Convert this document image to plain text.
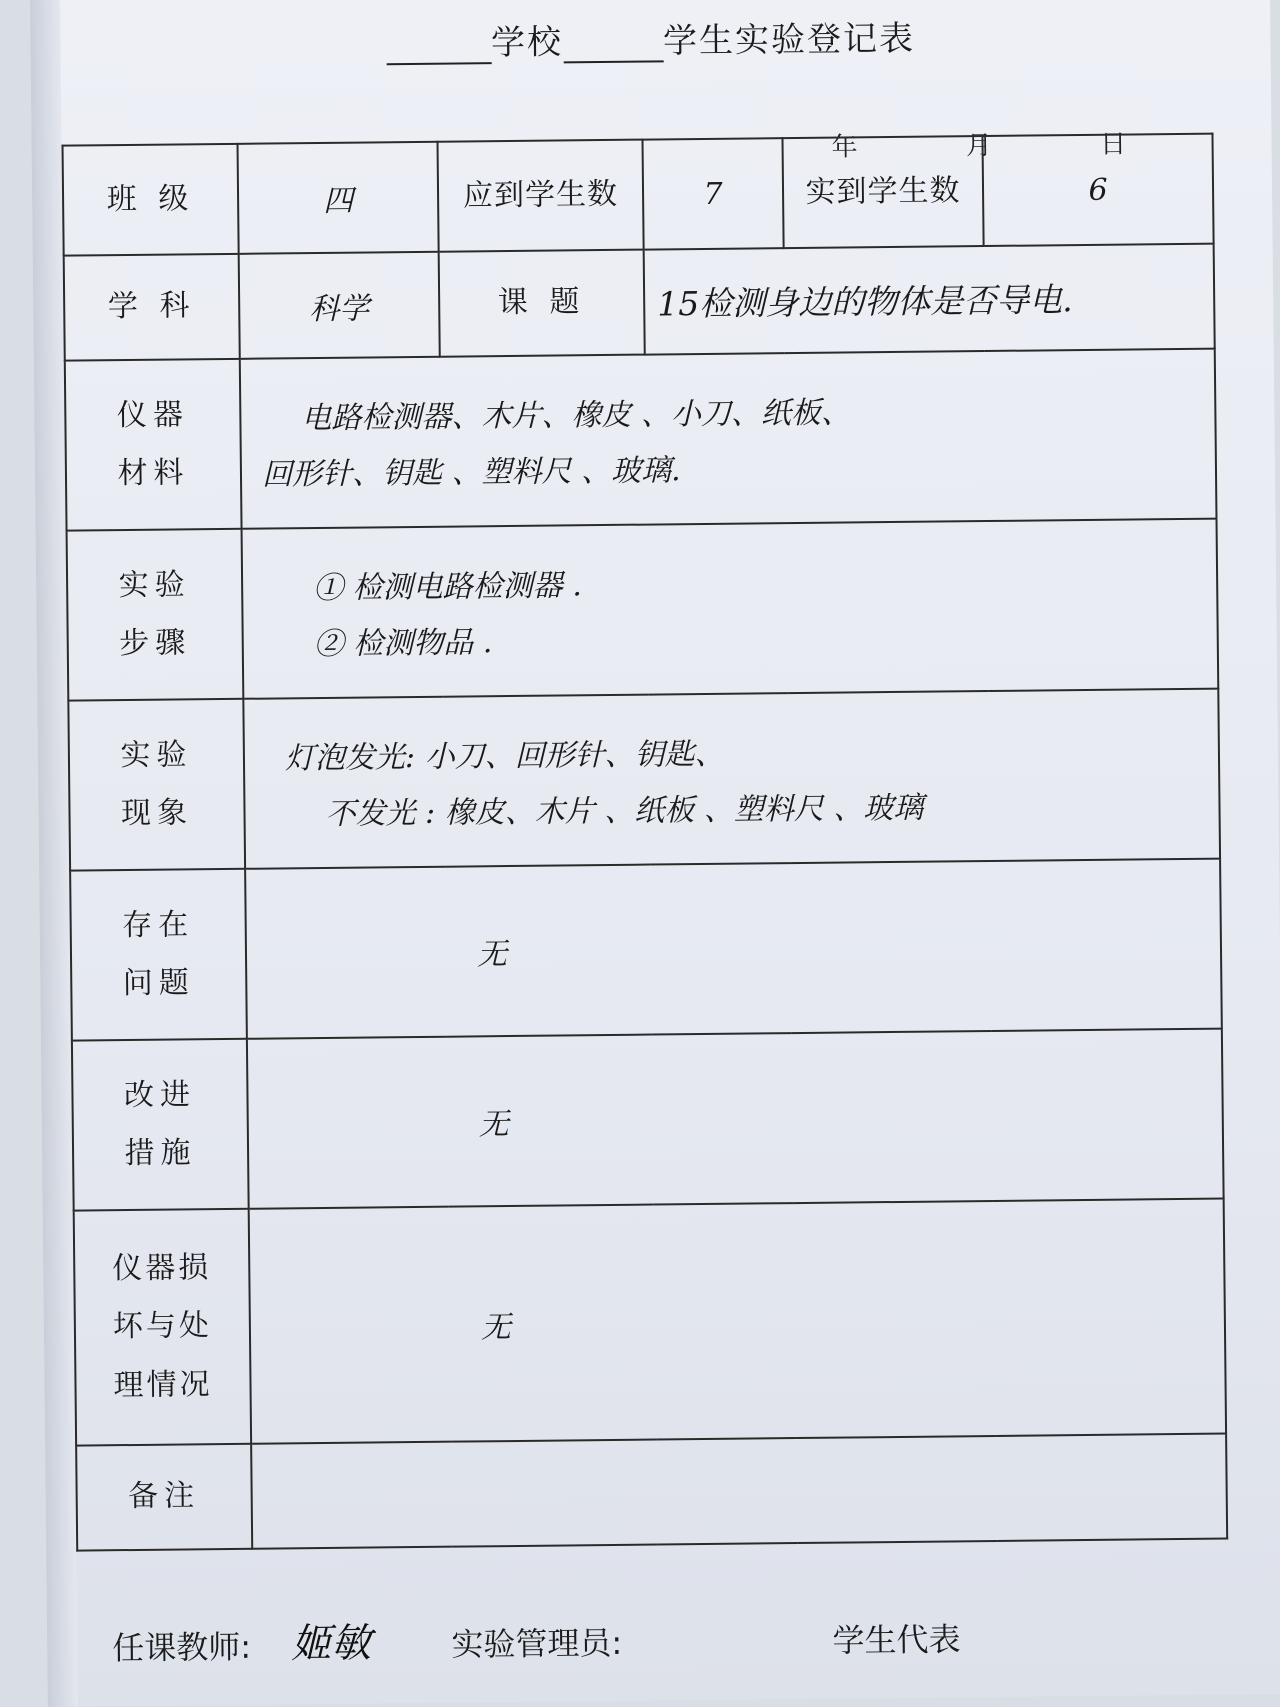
学校	学生实验登记表
年	月	日
班 级	四	应到学生数	7	实到学生数	6
学 科	科学	课 题	15检测身边的物体是否导电.		

仪器
材料	电路检测器、木片、橡皮 、小刀、纸板、
回形针、钥匙 、塑料尺 、玻璃.				

实验
步骤	① 检测电路检测器 .
② 检测物品 .				

实验
现象	灯泡发光: 小刀、回形针、钥匙、
不发光 : 橡皮、木片 、纸板 、塑料尺 、玻璃				

存在
问题	无				

改进
措施	无				

仪器损
坏与处
理情况	无				
备注					
任课教师: 姬敏 实验管理员:	学生代表
